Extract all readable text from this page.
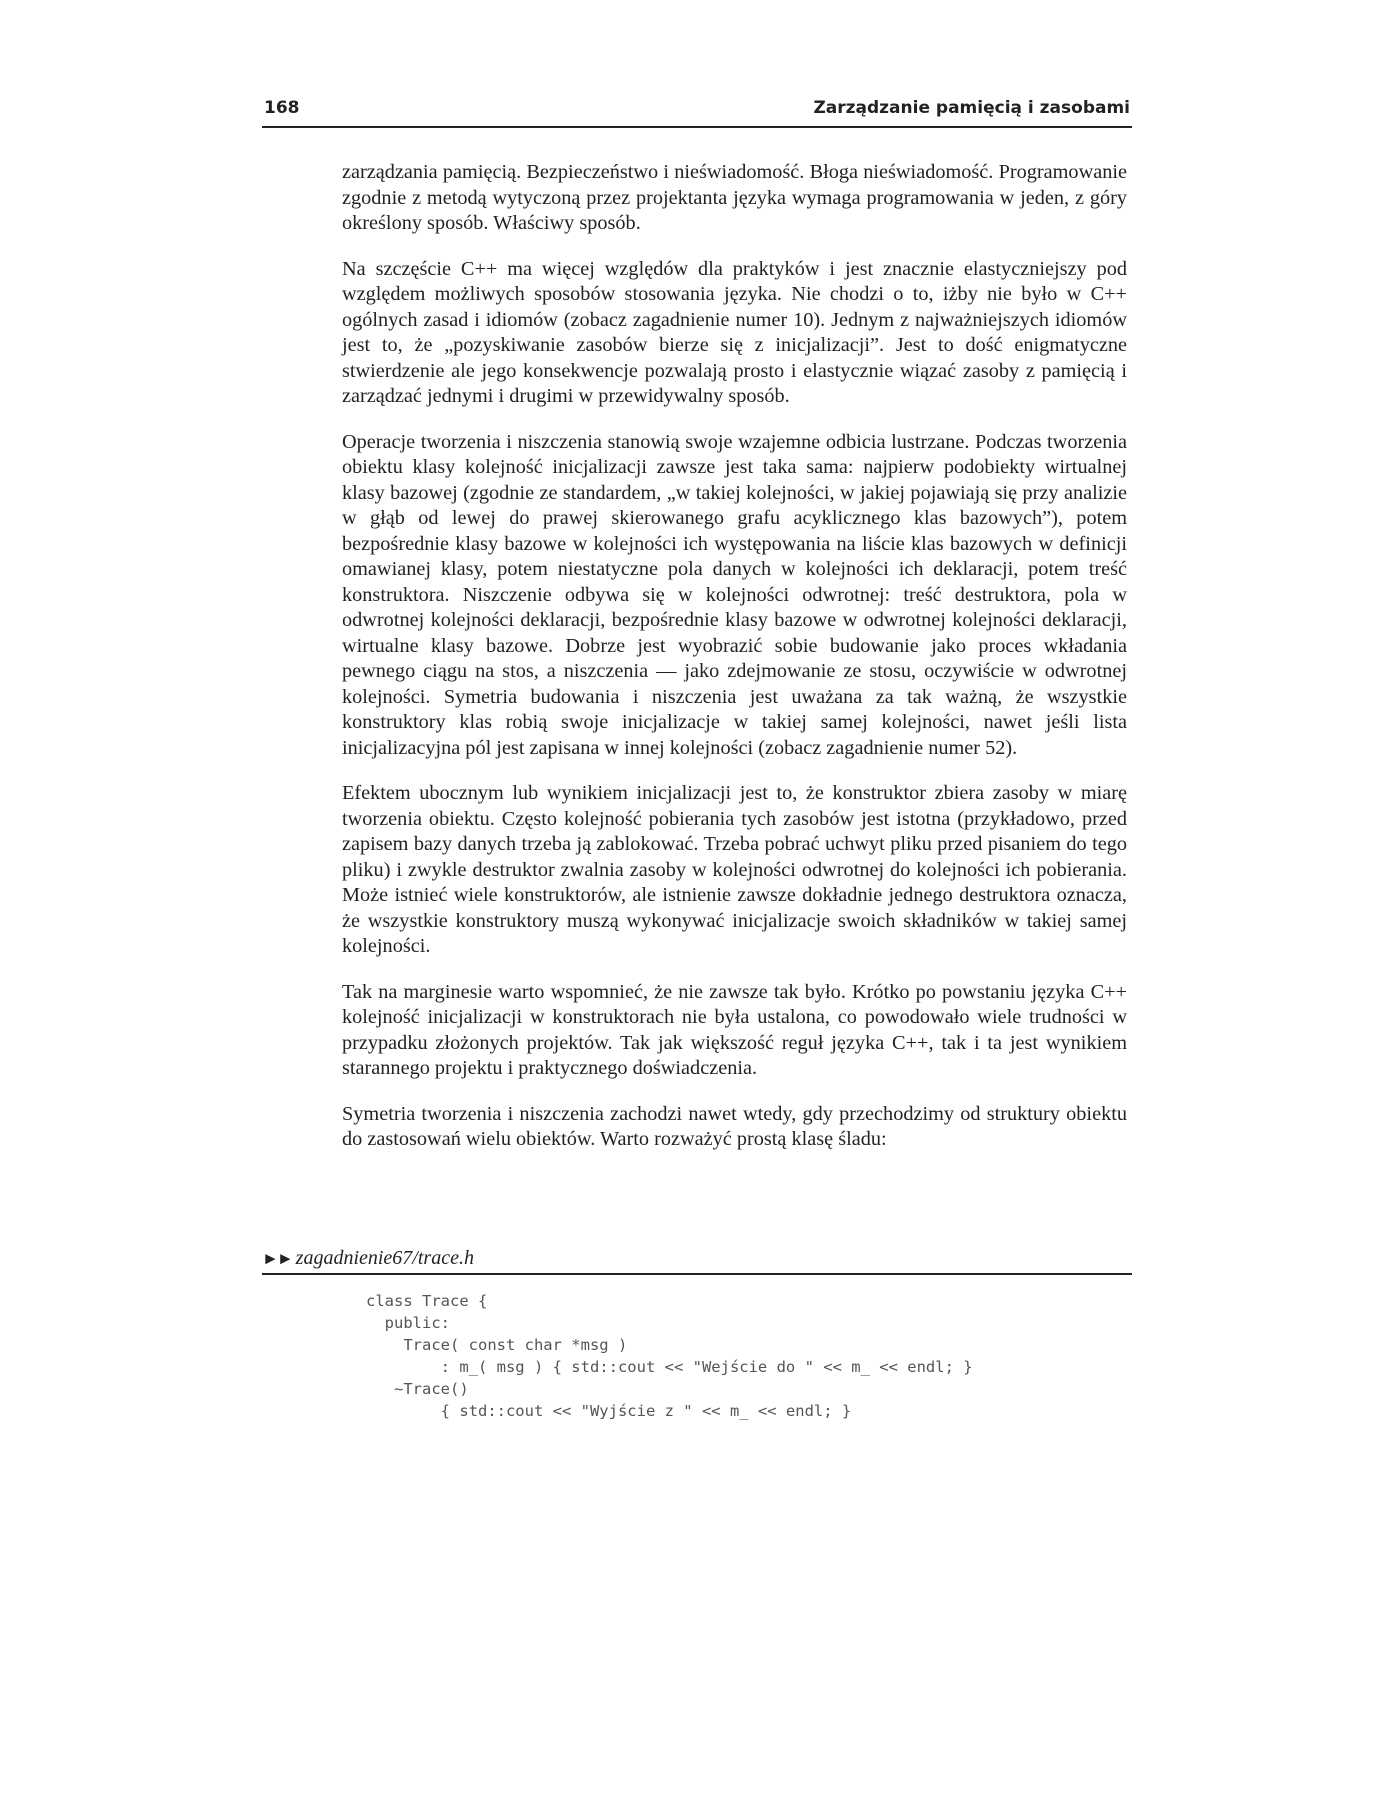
168	Zarządzanie pamięcią i zasobami

zarządzania pamięcią. Bezpieczeństwo i nieświadomość. Błoga nieświadomość. Programowanie zgodnie z metodą wytyczoną przez projektanta języka wymaga programowania w jeden, z góry określony sposób. Właściwy sposób.

Na szczęście C++ ma więcej względów dla praktyków i jest znacznie elastyczniejszy pod względem możliwych sposobów stosowania języka. Nie chodzi o to, iżby nie było w C++ ogólnych zasad i idiomów (zobacz zagadnienie numer 10). Jednym z najważniejszych idiomów jest to, że „pozyskiwanie zasobów bierze się z inicjalizacji”. Jest to dość enigmatyczne stwierdzenie ale jego konsekwencje pozwalają prosto i elastycznie wiązać zasoby z pamięcią i zarządzać jednymi i drugimi w przewidywalny sposób.

Operacje tworzenia i niszczenia stanowią swoje wzajemne odbicia lustrzane. Podczas tworzenia obiektu klasy kolejność inicjalizacji zawsze jest taka sama: najpierw podobiekty wirtualnej klasy bazowej (zgodnie ze standardem, „w takiej kolejności, w jakiej pojawiają się przy analizie w głąb od lewej do prawej skierowanego grafu acyklicznego klas bazowych”), potem bezpośrednie klasy bazowe w kolejności ich występowania na liście klas bazowych w definicji omawianej klasy, potem niestatyczne pola danych w kolejności ich deklaracji, potem treść konstruktora. Niszczenie odbywa się w kolejności odwrotnej: treść destruktora, pola w odwrotnej kolejności deklaracji, bezpośrednie klasy bazowe w odwrotnej kolejności deklaracji, wirtualne klasy bazowe. Dobrze jest wyobrazić sobie budowanie jako proces wkładania pewnego ciągu na stos, a niszczenia — jako zdejmowanie ze stosu, oczywiście w odwrotnej kolejności. Symetria budowania i niszczenia jest uważana za tak ważną, że wszystkie konstruktory klas robią swoje inicjalizacje w takiej samej kolejności, nawet jeśli lista inicjalizacyjna pól jest zapisana w innej kolejności (zobacz zagadnienie numer 52).

Efektem ubocznym lub wynikiem inicjalizacji jest to, że konstruktor zbiera zasoby w miarę tworzenia obiektu. Często kolejność pobierania tych zasobów jest istotna (przykładowo, przed zapisem bazy danych trzeba ją zablokować. Trzeba pobrać uchwyt pliku przed pisaniem do tego pliku) i zwykle destruktor zwalnia zasoby w kolejności odwrotnej do kolejności ich pobierania. Może istnieć wiele konstruktorów, ale istnienie zawsze dokładnie jednego destruktora oznacza, że wszystkie konstruktory muszą wykonywać inicjalizacje swoich składników w takiej samej kolejności.

Tak na marginesie warto wspomnieć, że nie zawsze tak było. Krótko po powstaniu języka C++ kolejność inicjalizacji w konstruktorach nie była ustalona, co powodowało wiele trudności w przypadku złożonych projektów. Tak jak większość reguł języka C++, tak i ta jest wynikiem starannego projektu i praktycznego doświadczenia.

Symetria tworzenia i niszczenia zachodzi nawet wtedy, gdy przechodzimy od struktury obiektu do zastosowań wielu obiektów. Warto rozważyć prostą klasę śladu:

►► zagadnienie67/trace.h
class Trace {
public:
Trace( const char *msg )
: m_( msg ) { std::cout << "Wejście do " << m_ << endl; }
~Trace()
{ std::cout << "Wyjście z " << m_ << endl; }
